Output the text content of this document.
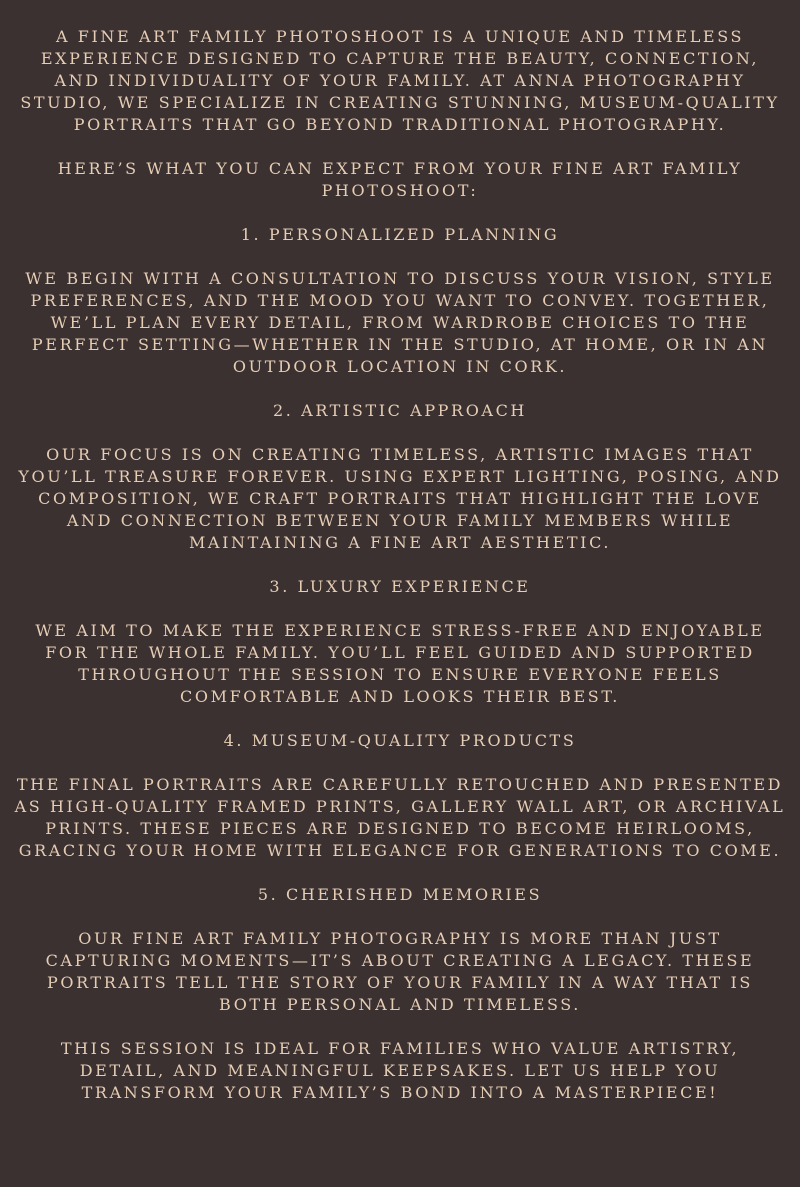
A FINE ART FAMILY PHOTOSHOOT IS A UNIQUE AND TIMELESS EXPERIENCE DESIGNED TO CAPTURE THE BEAUTY, CONNECTION, AND INDIVIDUALITY OF YOUR FAMILY. AT ANNA PHOTOGRAPHY STUDIO, WE SPECIALIZE IN CREATING STUNNING, MUSEUM-QUALITY PORTRAITS THAT GO BEYOND TRADITIONAL PHOTOGRAPHY.

HERE’S WHAT YOU CAN EXPECT FROM YOUR FINE ART FAMILY PHOTOSHOOT:

1. PERSONALIZED PLANNING

WE BEGIN WITH A CONSULTATION TO DISCUSS YOUR VISION, STYLE PREFERENCES, AND THE MOOD YOU WANT TO CONVEY. TOGETHER, WE’LL PLAN EVERY DETAIL, FROM WARDROBE CHOICES TO THE PERFECT SETTING—WHETHER IN THE STUDIO, AT HOME, OR IN AN OUTDOOR LOCATION IN CORK.

2. ARTISTIC APPROACH

OUR FOCUS IS ON CREATING TIMELESS, ARTISTIC IMAGES THAT YOU’LL TREASURE FOREVER. USING EXPERT LIGHTING, POSING, AND COMPOSITION, WE CRAFT PORTRAITS THAT HIGHLIGHT THE LOVE AND CONNECTION BETWEEN YOUR FAMILY MEMBERS WHILE MAINTAINING A FINE ART AESTHETIC.

3. LUXURY EXPERIENCE

WE AIM TO MAKE THE EXPERIENCE STRESS-FREE AND ENJOYABLE FOR THE WHOLE FAMILY. YOU’LL FEEL GUIDED AND SUPPORTED THROUGHOUT THE SESSION TO ENSURE EVERYONE FEELS COMFORTABLE AND LOOKS THEIR BEST.

4. MUSEUM-QUALITY PRODUCTS

THE FINAL PORTRAITS ARE CAREFULLY RETOUCHED AND PRESENTED AS HIGH-QUALITY FRAMED PRINTS, GALLERY WALL ART, OR ARCHIVAL PRINTS. THESE PIECES ARE DESIGNED TO BECOME HEIRLOOMS, GRACING YOUR HOME WITH ELEGANCE FOR GENERATIONS TO COME.

5. CHERISHED MEMORIES

OUR FINE ART FAMILY PHOTOGRAPHY IS MORE THAN JUST CAPTURING MOMENTS—IT’S ABOUT CREATING A LEGACY. THESE PORTRAITS TELL THE STORY OF YOUR FAMILY IN A WAY THAT IS BOTH PERSONAL AND TIMELESS.

THIS SESSION IS IDEAL FOR FAMILIES WHO VALUE ARTISTRY, DETAIL, AND MEANINGFUL KEEPSAKES. LET US HELP YOU TRANSFORM YOUR FAMILY’S BOND INTO A MASTERPIECE!
